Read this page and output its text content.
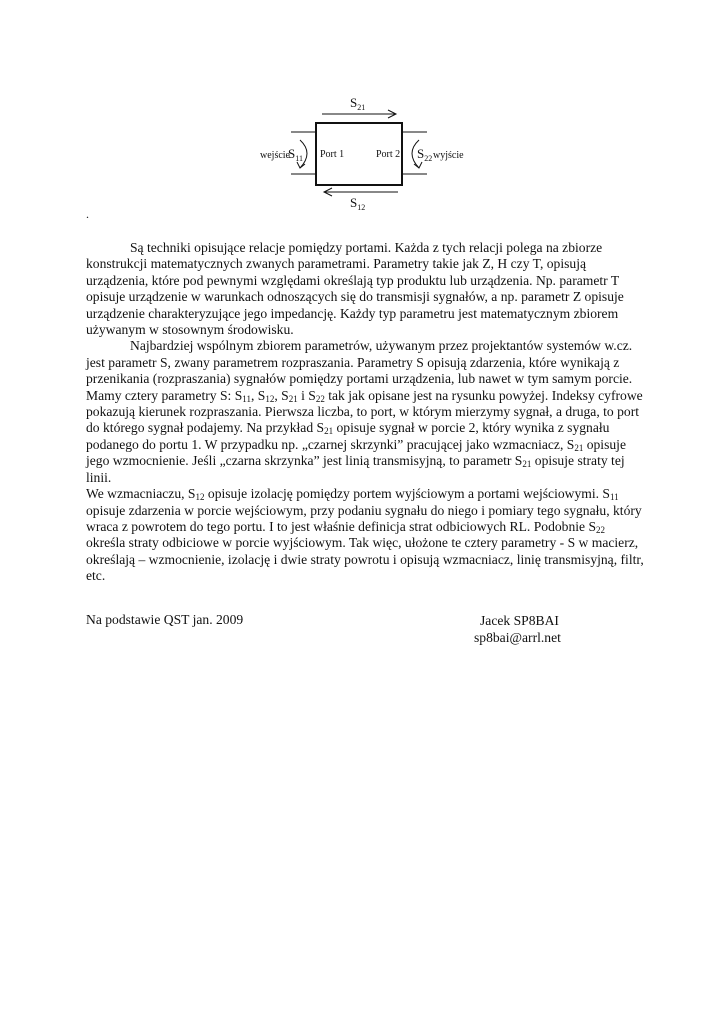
$S_{21}$
$S_{12}$
wejście
$S_{11}$ Port 1	Port 2 $S_{22}$ wyjście
.

Są techniki opisujące relacje pomiędzy portami. Każda z tych relacji polega na zbiorze konstrukcji matematycznych zwanych parametrami. Parametry takie jak Z, H czy T, opisują urządzenia, które pod pewnymi względami określają typ produktu lub urządzenia. Np. parametr T opisuje urządzenie w warunkach odnoszących się do transmisji sygnałów, a np. parametr Z opisuje urządzenie charakteryzujące jego impedancję. Każdy typ parametru jest matematycznym zbiorem używanym w stosownym środowisku.

Najbardziej wspólnym zbiorem parametrów, używanym przez projektantów systemów w.cz. jest parametr S, zwany parametrem rozpraszania. Parametry S opisują zdarzenia, które wynikają z przenikania (rozpraszania) sygnałów pomiędzy portami urządzenia, lub nawet w tym samym porcie. Mamy cztery parametry S: $S_{11}$, $S_{12}$, $S_{21}$ i $S_{22}$ tak jak opisane jest na rysunku powyżej. Indeksy cyfrowe pokazują kierunek rozpraszania. Pierwsza liczba, to port, w którym mierzymy sygnał, a druga, to port do którego sygnał podajemy. Na przykład $S_{21}$ opisuje sygnał w porcie 2, który wynika z sygnału podanego do portu 1. W przypadku np. „czarnej skrzynki” pracującej jako wzmacniacz, $S_{21}$ opisuje jego wzmocnienie. Jeśli „czarna skrzynka” jest linią transmisyjną, to parametr $S_{21}$ opisuje straty tej linii.

We wzmacniaczu, $S_{12}$ opisuje izolację pomiędzy portem wyjściowym a portami wejściowymi. $S_{11}$ opisuje zdarzenia w porcie wejściowym, przy podaniu sygnału do niego i pomiary tego sygnału, który wraca z powrotem do tego portu. I to jest właśnie definicja strat odbiciowych RL. Podobnie $S_{22}$ określa straty odbiciowe w porcie wyjściowym. Tak więc, ułożone te cztery parametry - S w macierz, określają – wzmocnienie, izolację i dwie straty powrotu i opisują wzmacniacz, linię transmisyjną, filtr, etc.

Na podstawie QST jan. 2009	Jacek SP8BAI
sp8bai@arrl.net
